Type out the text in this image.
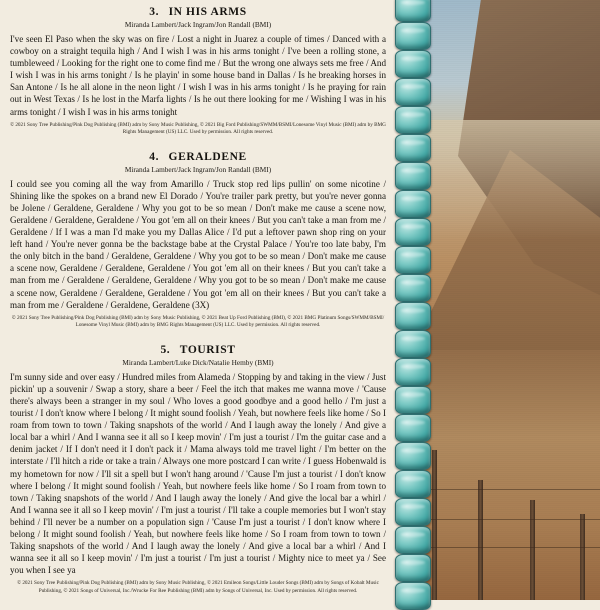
3. IN HIS ARMS

Miranda Lambert/Jack Ingram/Jon Randall (BMI)

I've seen El Paso when the sky was on fire / Lost a night in Juarez a couple of times / Danced with a cowboy on a straight tequila high / And I wish I was in his arms tonight / I've been a rolling stone, a tumbleweed / Looking for the right one to come find me / But the wrong one always sets me free / And I wish I was in his arms tonight / Is he playin' in some house band in Dallas / Is he breaking horses in San Antone / Is he all alone in the neon light / I wish I was in his arms tonight / Is he praying for rain out in West Texas / Is he lost in the Marfa lights / Is he out there looking for me / Wishing I was in his arms tonight / I wish I was in his arms tonight

© 2021 Sony Tree Publishing/Pink Dog Publishing (BMI) adm by Sony Music Publishing, © 2021 Big Ford Publishing/SWMM/BSMI/Lonesome Vinyl Music (BMI) adm by BMG Rights Management (US) LLC. Used by permission. All rights reserved.

4. GERALDENE

Miranda Lambert/Jack Ingram/Jon Randall (BMI)

I could see you coming all the way from Amarillo / Truck stop red lips pullin' on some nicotine / Shining like the spokes on a brand new El Dorado / You're trailer park pretty, but you're never gonna be Jolene / Geraldene, Geraldene / Why you got to be so mean / Don't make me cause a scene now, Geraldene / Geraldene, Geraldene / You got 'em all on their knees / But you can't take a man from me / Geraldene / If I was a man I'd make you my Dallas Alice / I'd put a leftover pawn shop ring on your left hand / You're never gonna be the backstage babe at the Crystal Palace / You're too late baby, I'm the only bitch in the band / Geraldene, Geraldene / Why you got to be so mean / Don't make me cause a scene now, Geraldene / Geraldene, Geraldene / You got 'em all on their knees / But you can't take a man from me / Geraldene / Geraldene, Geraldene / Why you got to be so mean / Don't make me cause a scene now, Geraldene / Geraldene, Geraldene / You got 'em all on their knees / But you can't take a man from me / Geraldene / Geraldene, Geraldene (3X)

© 2021 Sony Tree Publishing/Pink Dog Publishing (BMI) adm by Sony Music Publishing, © 2021 Beat Up Ford Publishing (BMI), © 2021 BMG Platinum Songs/SWMM/BSMI/ Lonesome Vinyl Music (BMI) adm by BMG Rights Management (US) LLC. Used by permission. All rights reserved.

5. TOURIST

Miranda Lambert/Luke Dick/Natalie Hemby (BMI)

I'm sunny side and over easy / Hundred miles from Alameda / Stopping by and taking in the view / Just pickin' up a souvenir / Swap a story, share a beer / Feel the itch that makes me wanna move / 'Cause there's always been a stranger in my soul / Who loves a good goodbye and a good hello / I'm just a tourist / I don't know where I belong / It might sound foolish / Yeah, but nowhere feels like home / So I roam from town to town / Taking snapshots of the world / And I laugh away the lonely / And give a local bar a whirl / And I wanna see it all so I keep movin' / I'm just a tourist / I'm the guitar case and a denim jacket / If I don't need it I don't pack it / Mama always told me travel light / I'm better on the interstate / I'll hitch a ride or take a train / Always one more postcard I can write / I guess Hobenwald is my hometown for now / I'll sit a spell but I won't hang around / 'Cause I'm just a tourist / I don't know where I belong / It might sound foolish / Yeah, but nowhere feels like home / So I roam from town to town / Taking snapshots of the world / And I laugh away the lonely / And give the local bar a whirl / And I wanna see it all so I keep movin' / I'm just a tourist / I'll take a couple memories but I won't stay behind / I'll never be a number on a population sign / 'Cause I'm just a tourist / I don't know where I belong / It might sound foolish / Yeah, but nowhere feels like home / So I roam from town to town / Taking snapshots of the world / And I laugh away the lonely / And give a local bar a whirl / And I wanna see it all so I keep movin' / I'm just a tourist / I'm just a tourist / Mighty nice to meet ya / See you when I see ya

© 2021 Sony Tree Publishing/Pink Dog Publishing (BMI) adm by Sony Music Publishing, © 2021 Emileon Songs/Little Louder Songs (BMI) adm by Songs of Kobalt Music Publishing, © 2021 Songs of Universal, Inc./Wrucke For Ree Publishing (BMI) adm by Songs of Universal, Inc. Used by permission. All rights reserved.
